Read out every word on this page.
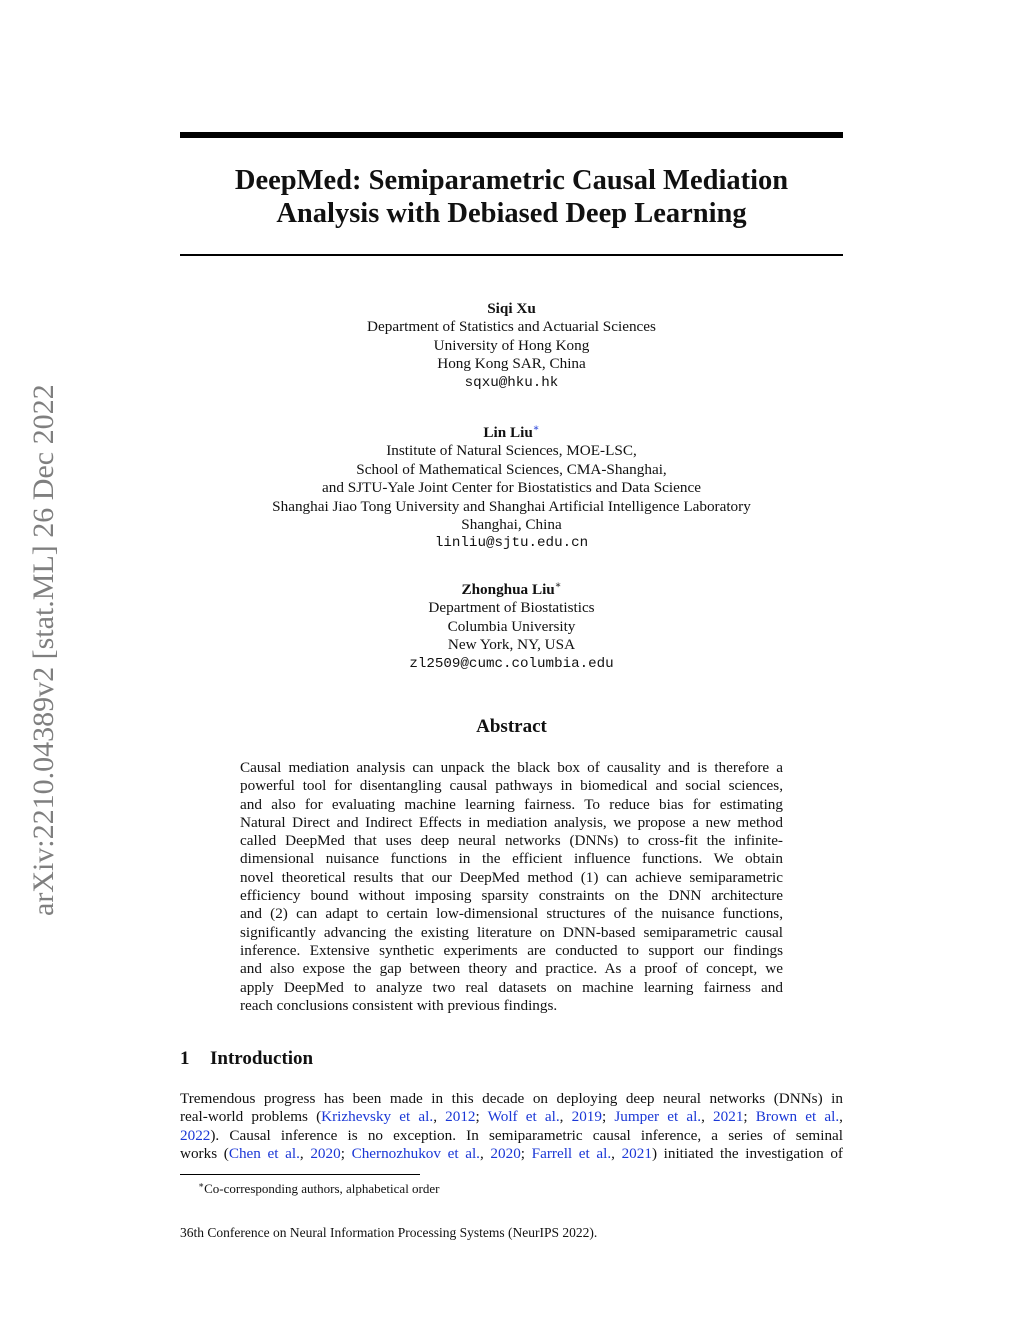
arXiv:2210.04389v2 [stat.ML] 26 Dec 2022
DeepMed: Semiparametric Causal Mediation
Analysis with Debiased Deep Learning
Siqi Xu
Department of Statistics and Actuarial Sciences
University of Hong Kong
Hong Kong SAR, China
sqxu@hku.hk
Lin Liu∗
Institute of Natural Sciences, MOE-LSC,
School of Mathematical Sciences, CMA-Shanghai,
and SJTU-Yale Joint Center for Biostatistics and Data Science
Shanghai Jiao Tong University and Shanghai Artificial Intelligence Laboratory
Shanghai, China
linliu@sjtu.edu.cn
Zhonghua Liu∗
Department of Biostatistics
Columbia University
New York, NY, USA
zl2509@cumc.columbia.edu
Abstract
Causal mediation analysis can unpack the black box of causality and is therefore a
powerful tool for disentangling causal pathways in biomedical and social sciences,
and also for evaluating machine learning fairness. To reduce bias for estimating
Natural Direct and Indirect Effects in mediation analysis, we propose a new method
called DeepMed that uses deep neural networks (DNNs) to cross-fit the infinite-
dimensional nuisance functions in the efficient influence functions. We obtain
novel theoretical results that our DeepMed method (1) can achieve semiparametric
efficiency bound without imposing sparsity constraints on the DNN architecture
and (2) can adapt to certain low-dimensional structures of the nuisance functions,
significantly advancing the existing literature on DNN-based semiparametric causal
inference. Extensive synthetic experiments are conducted to support our findings
and also expose the gap between theory and practice. As a proof of concept, we
apply DeepMed to analyze two real datasets on machine learning fairness and
reach conclusions consistent with previous findings.
1 Introduction
Tremendous progress has been made in this decade on deploying deep neural networks (DNNs) in
real-world problems (Krizhevsky et al., 2012; Wolf et al., 2019; Jumper et al., 2021; Brown et al.,
2022). Causal inference is no exception. In semiparametric causal inference, a series of seminal
works (Chen et al., 2020; Chernozhukov et al., 2020; Farrell et al., 2021) initiated the investigation of
∗Co-corresponding authors, alphabetical order
36th Conference on Neural Information Processing Systems (NeurIPS 2022).
